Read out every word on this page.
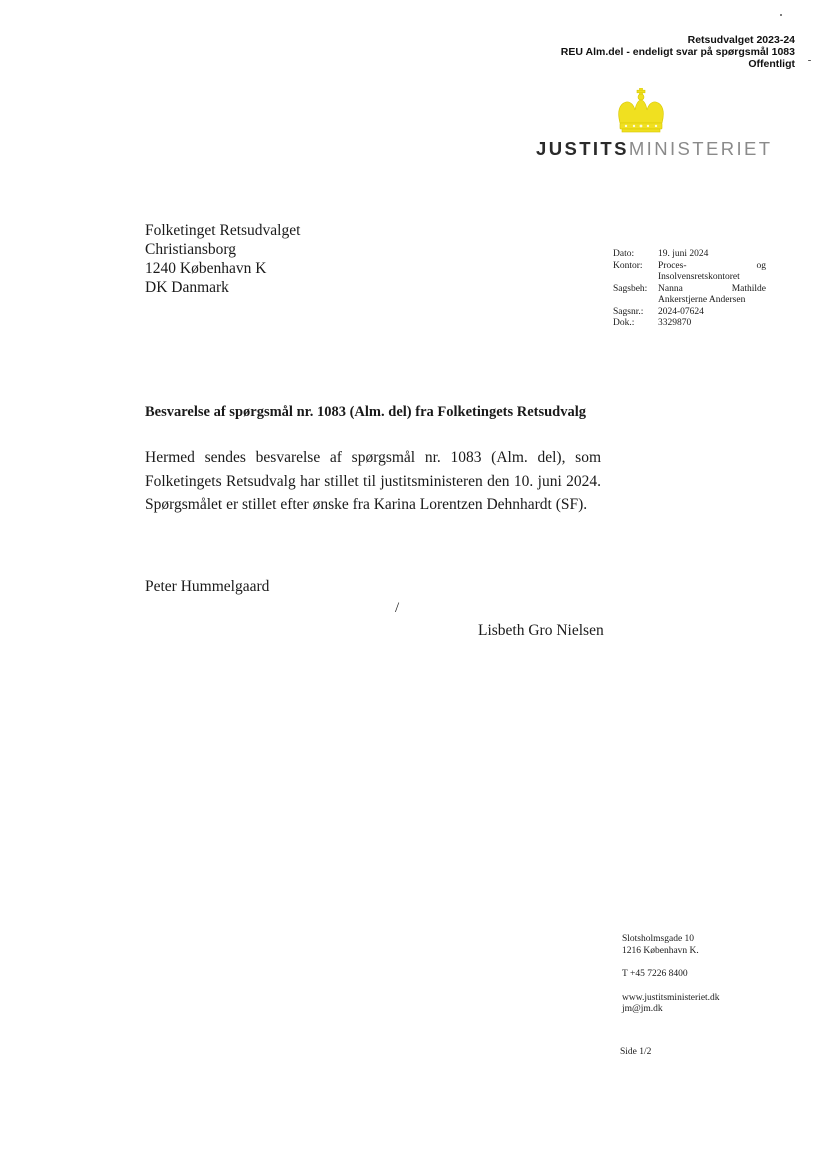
Retsudvalget 2023-24
REU Alm.del - endeligt svar på spørgsmål 1083
Offentligt
JUSTITSMINISTERIET
Folketinget Retsudvalget
Christiansborg
1240 København K
DK Danmark
Dato:	19. juni 2024
Kontor:	Proces- og
Insolvensretskontoret

Sagsbeh:	Nanna Mathilde
Ankerstjerne Andersen

Sagsnr.:	2024-07624
Dok.:	3329870
Besvarelse af spørgsmål nr. 1083 (Alm. del) fra Folketingets Retsudvalg
Hermed sendes besvarelse af spørgsmål nr. 1083 (Alm. del), som
Folketingets Retsudvalg har stillet til justitsministeren den 10. juni 2024.
Spørgsmålet er stillet efter ønske fra Karina Lorentzen Dehnhardt (SF).
Peter Hummelgaard
/
Lisbeth Gro Nielsen
Slotsholmsgade 10
1216 København K.
T +45 7226 8400
www.justitsministeriet.dk
jm@jm.dk
Side 1/2
